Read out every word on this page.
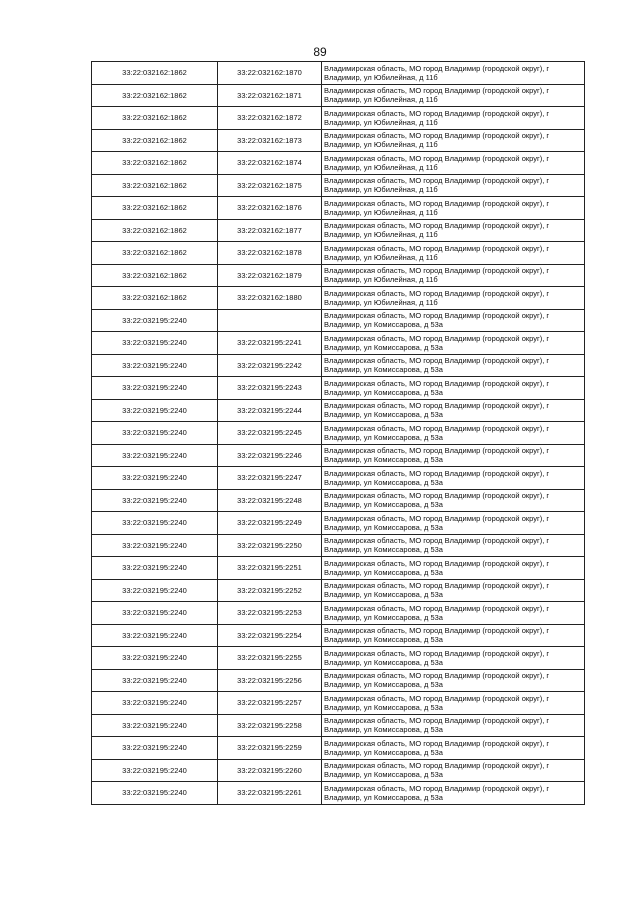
89
33:22:032162:1862	33:22:032162:1870	Владимирская область, МО город Владимир (городской округ), г Владимир, ул Юбилейная, д 11б
33:22:032162:1862	33:22:032162:1871	Владимирская область, МО город Владимир (городской округ), г Владимир, ул Юбилейная, д 11б
33:22:032162:1862	33:22:032162:1872	Владимирская область, МО город Владимир (городской округ), г Владимир, ул Юбилейная, д 11б
33:22:032162:1862	33:22:032162:1873	Владимирская область, МО город Владимир (городской округ), г Владимир, ул Юбилейная, д 11б
33:22:032162:1862	33:22:032162:1874	Владимирская область, МО город Владимир (городской округ), г Владимир, ул Юбилейная, д 11б
33:22:032162:1862	33:22:032162:1875	Владимирская область, МО город Владимир (городской округ), г Владимир, ул Юбилейная, д 11б
33:22:032162:1862	33:22:032162:1876	Владимирская область, МО город Владимир (городской округ), г Владимир, ул Юбилейная, д 11б
33:22:032162:1862	33:22:032162:1877	Владимирская область, МО город Владимир (городской округ), г Владимир, ул Юбилейная, д 11б
33:22:032162:1862	33:22:032162:1878	Владимирская область, МО город Владимир (городской округ), г Владимир, ул Юбилейная, д 11б
33:22:032162:1862	33:22:032162:1879	Владимирская область, МО город Владимир (городской округ), г Владимир, ул Юбилейная, д 11б
33:22:032162:1862	33:22:032162:1880	Владимирская область, МО город Владимир (городской округ), г Владимир, ул Юбилейная, д 11б
33:22:032195:2240		Владимирская область, МО город Владимир (городской округ), г Владимир, ул Комиссарова, д 53а
33:22:032195:2240	33:22:032195:2241	Владимирская область, МО город Владимир (городской округ), г Владимир, ул Комиссарова, д 53а
33:22:032195:2240	33:22:032195:2242	Владимирская область, МО город Владимир (городской округ), г Владимир, ул Комиссарова, д 53а
33:22:032195:2240	33:22:032195:2243	Владимирская область, МО город Владимир (городской округ), г Владимир, ул Комиссарова, д 53а
33:22:032195:2240	33:22:032195:2244	Владимирская область, МО город Владимир (городской округ), г Владимир, ул Комиссарова, д 53а
33:22:032195:2240	33:22:032195:2245	Владимирская область, МО город Владимир (городской округ), г Владимир, ул Комиссарова, д 53а
33:22:032195:2240	33:22:032195:2246	Владимирская область, МО город Владимир (городской округ), г Владимир, ул Комиссарова, д 53а
33:22:032195:2240	33:22:032195:2247	Владимирская область, МО город Владимир (городской округ), г Владимир, ул Комиссарова, д 53а
33:22:032195:2240	33:22:032195:2248	Владимирская область, МО город Владимир (городской округ), г Владимир, ул Комиссарова, д 53а
33:22:032195:2240	33:22:032195:2249	Владимирская область, МО город Владимир (городской округ), г Владимир, ул Комиссарова, д 53а
33:22:032195:2240	33:22:032195:2250	Владимирская область, МО город Владимир (городской округ), г Владимир, ул Комиссарова, д 53а
33:22:032195:2240	33:22:032195:2251	Владимирская область, МО город Владимир (городской округ), г Владимир, ул Комиссарова, д 53а
33:22:032195:2240	33:22:032195:2252	Владимирская область, МО город Владимир (городской округ), г Владимир, ул Комиссарова, д 53а
33:22:032195:2240	33:22:032195:2253	Владимирская область, МО город Владимир (городской округ), г Владимир, ул Комиссарова, д 53а
33:22:032195:2240	33:22:032195:2254	Владимирская область, МО город Владимир (городской округ), г Владимир, ул Комиссарова, д 53а
33:22:032195:2240	33:22:032195:2255	Владимирская область, МО город Владимир (городской округ), г Владимир, ул Комиссарова, д 53а
33:22:032195:2240	33:22:032195:2256	Владимирская область, МО город Владимир (городской округ), г Владимир, ул Комиссарова, д 53а
33:22:032195:2240	33:22:032195:2257	Владимирская область, МО город Владимир (городской округ), г Владимир, ул Комиссарова, д 53а
33:22:032195:2240	33:22:032195:2258	Владимирская область, МО город Владимир (городской округ), г Владимир, ул Комиссарова, д 53а
33:22:032195:2240	33:22:032195:2259	Владимирская область, МО город Владимир (городской округ), г Владимир, ул Комиссарова, д 53а
33:22:032195:2240	33:22:032195:2260	Владимирская область, МО город Владимир (городской округ), г Владимир, ул Комиссарова, д 53а
33:22:032195:2240	33:22:032195:2261	Владимирская область, МО город Владимир (городской округ), г Владимир, ул Комиссарова, д 53а
